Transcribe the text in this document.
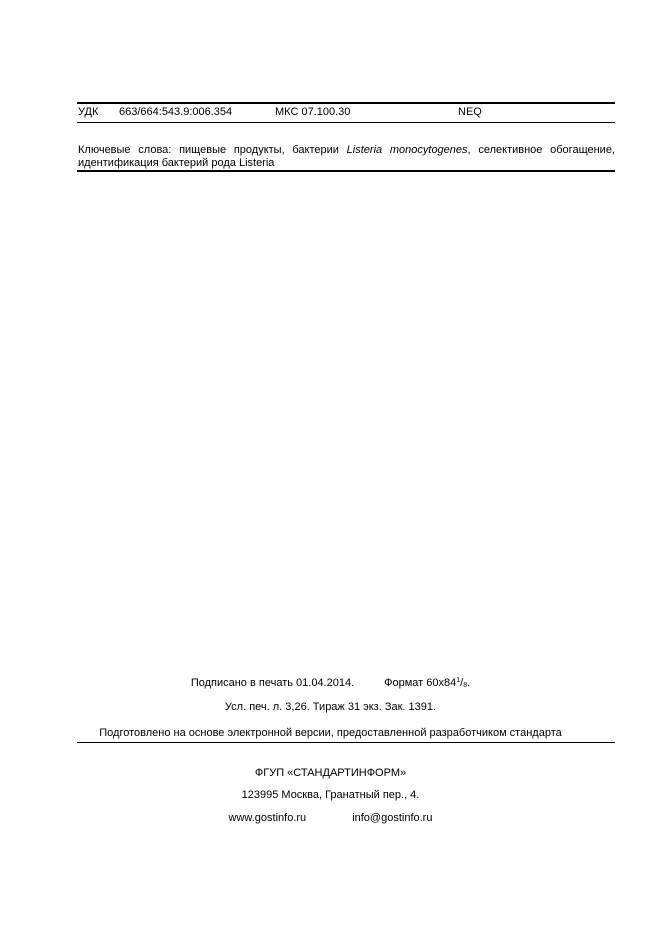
УДК 663/664:543.9:006.354	МКС 07.100.30	NEQ
Ключевые слова: пищевые продукты, бактерии Listeria monocytogenes, селективное обогащение,
идентификация бактерий рода Listeria
Подписано в печать 01.04.2014.	Формат $60х84^1/_8$.
Усл. печ. л. 3,26. Тираж 31 экз. Зак. 1391.
Подготовлено на основе электронной версии, предоставленной разработчиком стандарта
ФГУП «СТАНДАРТИНФОРМ»
123995 Москва, Гранатный пер., 4.
www.gostinfo.ru	info@gostinfo.ru
